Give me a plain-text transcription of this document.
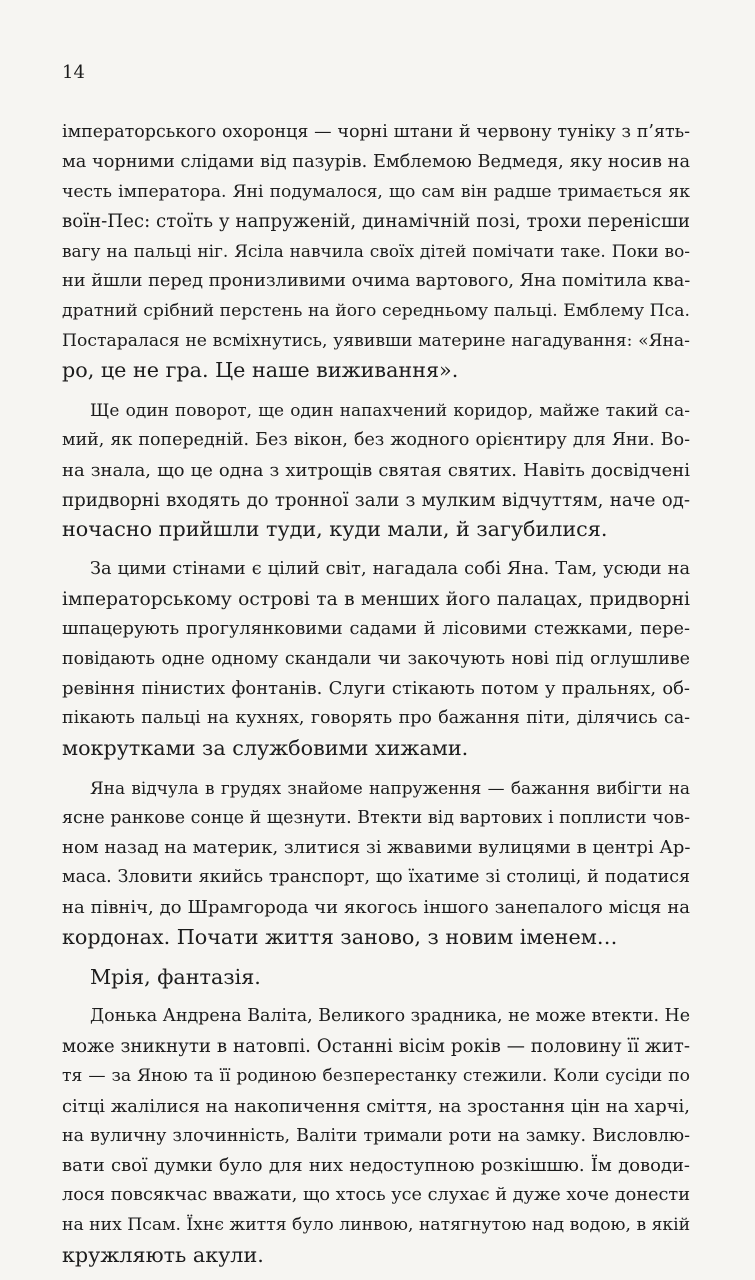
14
імператорського охоронця — чорні штани й червону туніку з п’ять-
ма чорними слідами від пазурів. Емблемою Ведмедя, яку носив на
честь імператора. Яні подумалося, що сам він радше тримається як
воїн-Пес: стоїть у напруженій, динамічній позі, трохи перенісши
вагу на пальці ніг. Ясіла навчила своїх дітей помічати таке. Поки во-
ни йшли перед пронизливими очима вартового, Яна помітила ква-
дратний срібний перстень на його середньому пальці. Емблему Пса.
Постаралася не всміхнутись, уявивши материне нагадування: «Яна-
ро, це не гра. Це наше виживання».
Ще один поворот, ще один напахчений коридор, майже такий са-
мий, як попередній. Без вікон, без жодного орієнтиру для Яни. Во-
на знала, що це одна з хитрощів святая святих. Навіть досвідчені
придворні входять до тронної зали з мулким відчуттям, наче од-
ночасно прийшли туди, куди мали, й загубилися.
За цими стінами є цілий світ, нагадала собі Яна. Там, усюди на
імператорському острові та в менших його палацах, придворні
шпацерують прогулянковими садами й лісовими стежками, пере-
повідають одне одному скандали чи закочують нові під оглушливе
ревіння пінистих фонтанів. Слуги стікають потом у пральнях, об-
пікають пальці на кухнях, говорять про бажання піти, ділячись са-
мокрутками за службовими хижами.
Яна відчула в грудях знайоме напруження — бажання вибігти на
ясне ранкове сонце й щезнути. Втекти від вартових і поплисти чов-
ном назад на материк, злитися зі жвавими вулицями в центрі Ар-
маса. Зловити якийсь транспорт, що їхатиме зі столиці, й податися
на північ, до Шрамгорода чи якогось іншого занепалого місця на
кордонах. Почати життя заново, з новим іменем…
Мрія, фантазія.
Донька Андрена Валіта, Великого зрадника, не може втекти. Не
може зникнути в натовпі. Останні вісім років — половину її жит-
тя — за Яною та її родиною безперестанку стежили. Коли сусіди по
сітці жалілися на накопичення сміття, на зростання цін на харчі,
на вуличну злочинність, Валіти тримали роти на замку. Висловлю-
вати свої думки було для них недоступною розкішшю. Їм доводи-
лося повсякчас вважати, що хтось усе слухає й дуже хоче донести
на них Псам. Їхнє життя було линвою, натягнутою над водою, в якій
кружляють акули.
